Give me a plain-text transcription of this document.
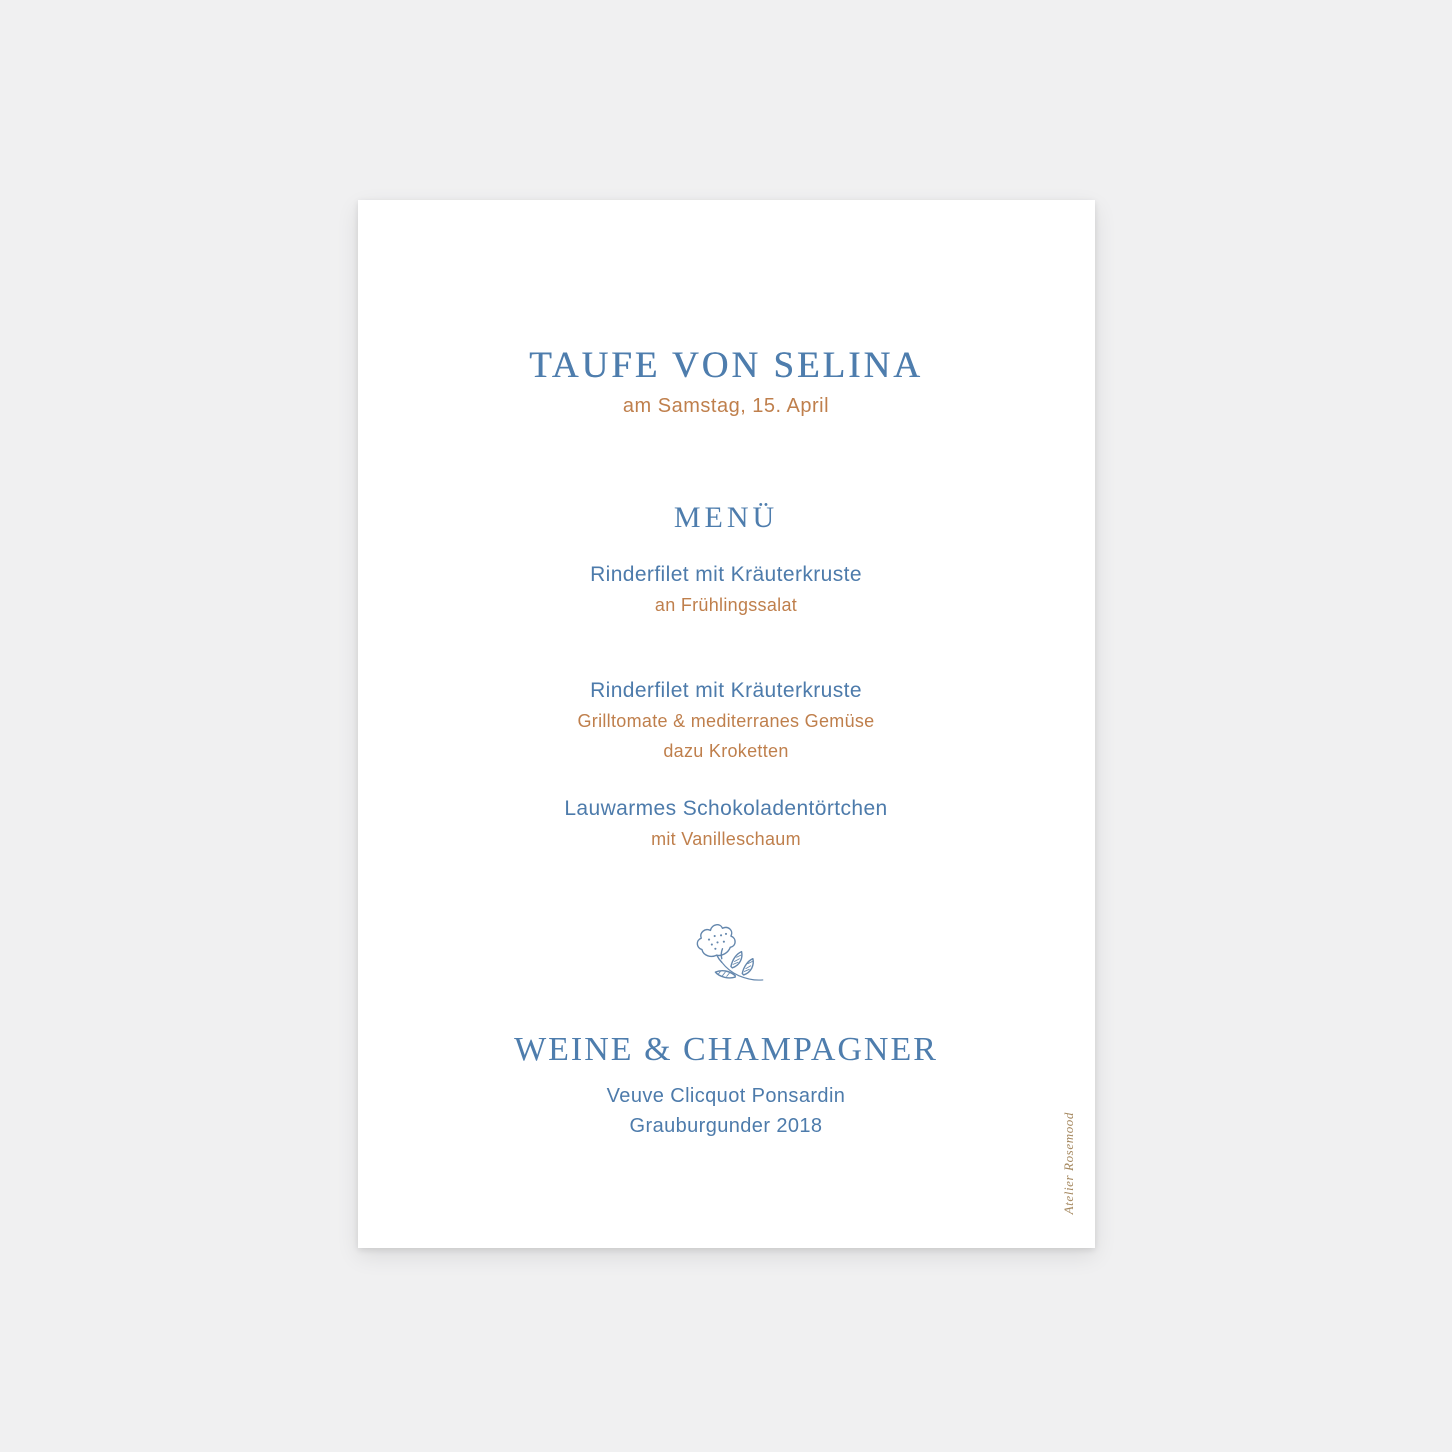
TAUFE VON SELINA
am Samstag, 15. April
MENÜ
Rinderfilet mit Kräuterkruste
an Frühlingssalat
Rinderfilet mit Kräuterkruste
Grilltomate & mediterranes Gemüse
dazu Kroketten
Lauwarmes Schokoladentörtchen
mit Vanilleschaum
WEINE & CHAMPAGNER
Veuve Clicquot Ponsardin
Grauburgunder 2018	Atelier Rosemood
